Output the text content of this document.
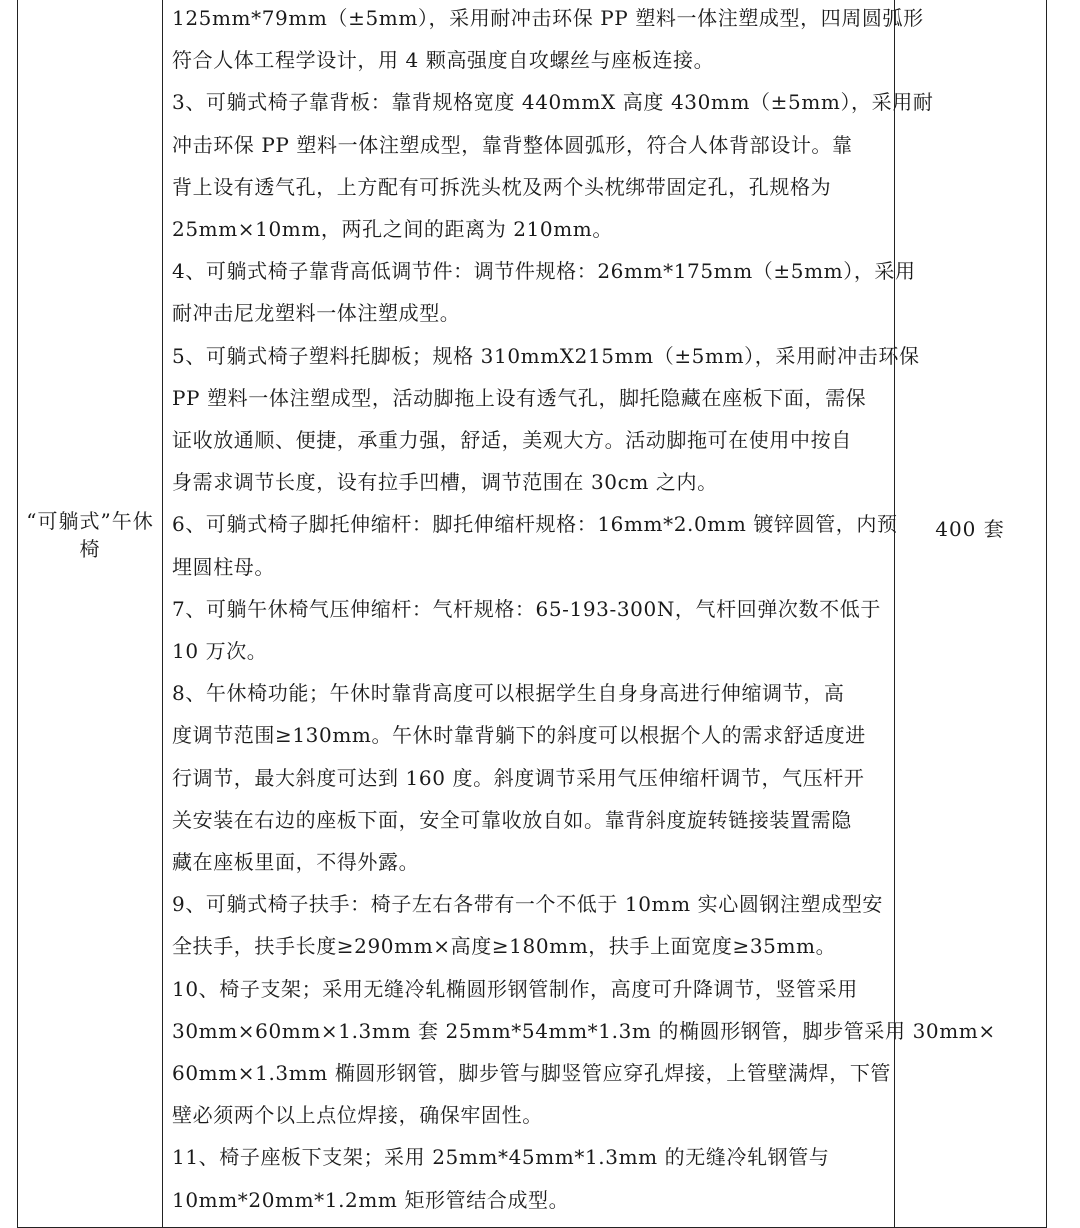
“可躺式”午休椅
125mm*79mm（±5mm），采用耐冲击环保 PP 塑料一体注塑成型，四周圆弧形
符合人体工程学设计，用 4 颗高强度自攻螺丝与座板连接。
3、可躺式椅子靠背板：靠背规格宽度 440mmX 高度 430mm（±5mm），采用耐
冲击环保 PP 塑料一体注塑成型，靠背整体圆弧形，符合人体背部设计。靠
背上设有透气孔，上方配有可拆洗头枕及两个头枕绑带固定孔，孔规格为
25mm×10mm，两孔之间的距离为 210mm。
4、可躺式椅子靠背高低调节件：调节件规格：26mm*175mm（±5mm），采用
耐冲击尼龙塑料一体注塑成型。
5、可躺式椅子塑料托脚板；规格 310mmX215mm（±5mm），采用耐冲击环保
PP 塑料一体注塑成型，活动脚拖上设有透气孔，脚托隐藏在座板下面，需保
证收放通顺、便捷，承重力强，舒适，美观大方。活动脚拖可在使用中按自
身需求调节长度，设有拉手凹槽，调节范围在 30cm 之内。
6、可躺式椅子脚托伸缩杆：脚托伸缩杆规格：16mm*2.0mm 镀锌圆管，内预
埋圆柱母。
7、可躺午休椅气压伸缩杆：气杆规格：65-193-300N，气杆回弹次数不低于
10 万次。
8、午休椅功能；午休时靠背高度可以根据学生自身身高进行伸缩调节，高
度调节范围≥130mm。午休时靠背躺下的斜度可以根据个人的需求舒适度进
行调节，最大斜度可达到 160 度。斜度调节采用气压伸缩杆调节，气压杆开
关安装在右边的座板下面，安全可靠收放自如。靠背斜度旋转链接装置需隐
藏在座板里面，不得外露。
9、可躺式椅子扶手：椅子左右各带有一个不低于 10mm 实心圆钢注塑成型安
全扶手，扶手长度≥290mm×高度≥180mm，扶手上面宽度≥35mm。
10、椅子支架；采用无缝冷轧椭圆形钢管制作，高度可升降调节，竖管采用
30mm×60mm×1.3mm 套 25mm*54mm*1.3m 的椭圆形钢管，脚步管采用 30mm×
60mm×1.3mm 椭圆形钢管，脚步管与脚竖管应穿孔焊接，上管壁满焊，下管
壁必须两个以上点位焊接，确保牢固性。
11、椅子座板下支架；采用 25mm*45mm*1.3mm 的无缝冷轧钢管与
10mm*20mm*1.2mm 矩形管结合成型。
400 套
